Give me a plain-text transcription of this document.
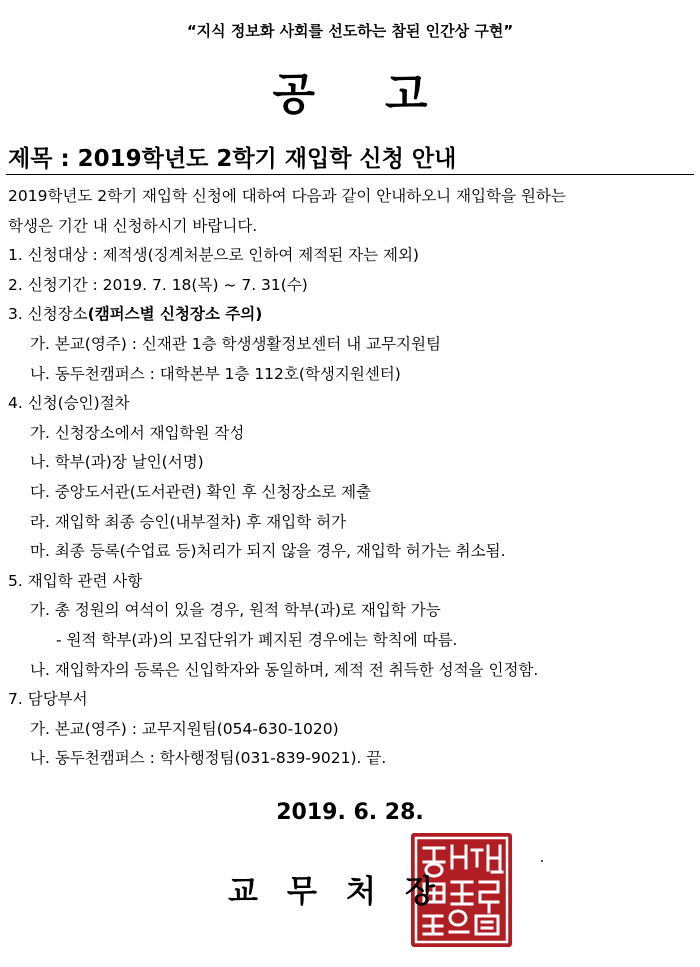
“지식 정보화 사회를 선도하는 참된 인간상 구현”
공 고
제목 : 2019학년도 2학기 재입학 신청 안내
2019학년도 2학기 재입학 신청에 대하여 다음과 같이 안내하오니 재입학을 원하는
학생은 기간 내 신청하시기 바랍니다.
1. 신청대상 : 제적생(징계처분으로 인하여 제적된 자는 제외)
2. 신청기간 : 2019. 7. 18(목) ~ 7. 31(수)
3. 신청장소(캠퍼스별 신청장소 주의)
가. 본교(영주) : 신재관 1층 학생생활정보센터 내 교무지원팀
나. 동두천캠퍼스 : 대학본부 1층 112호(학생지원센터)
4. 신청(승인)절차
가. 신청장소에서 재입학원 작성
나. 학부(과)장 날인(서명)
다. 중앙도서관(도서관련) 확인 후 신청장소로 제출
라. 재입학 최종 승인(내부절차) 후 재입학 허가
마. 최종 등록(수업료 등)처리가 되지 않을 경우, 재입학 허가는 취소됨.
5. 재입학 관련 사항
가. 총 정원의 여석이 있을 경우, 원적 학부(과)로 재입학 가능
- 원적 학부(과)의 모집단위가 폐지된 경우에는 학칙에 따름.
나. 재입학자의 등록은 신입학자와 동일하며, 제적 전 취득한 성적을 인정함.
7. 담당부서
가. 본교(영주) : 교무지원팀(054-630-1020)
나. 동두천캠퍼스 : 학사행정팀(031-839-9021). 끝.
2019. 6. 28.
교 무 처 장
